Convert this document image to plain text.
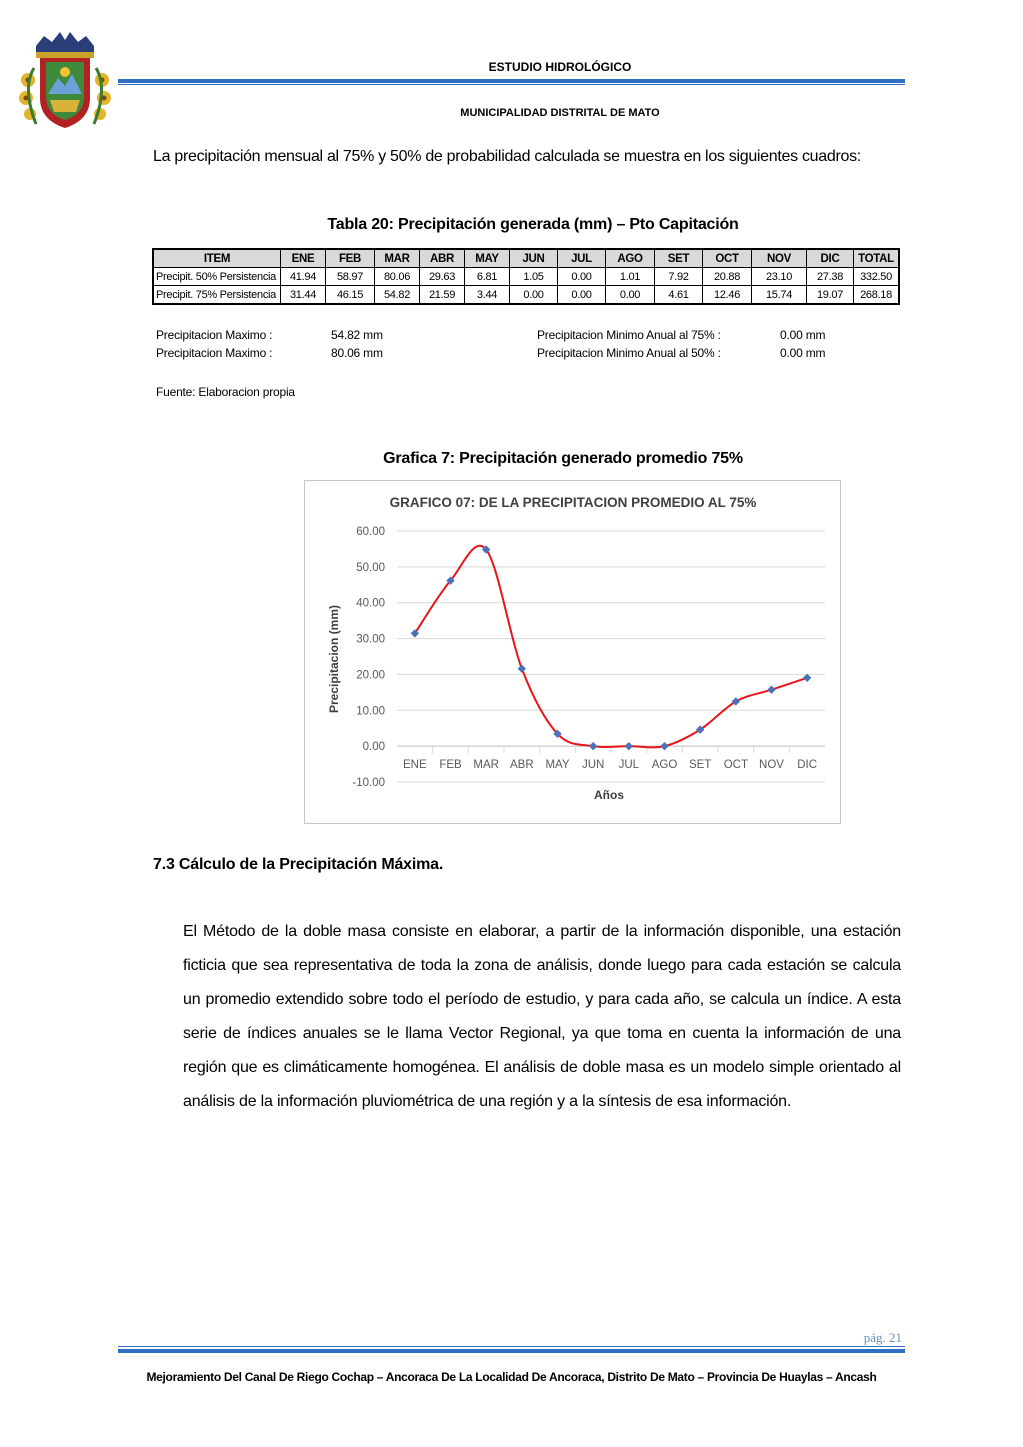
ESTUDIO HIDROLÓGICO
MUNICIPALIDAD DISTRITAL DE MATO
La precipitación mensual al 75% y 50% de probabilidad calculada se muestra en los siguientes cuadros:
Tabla 20: Precipitación generada (mm) – Pto Capitación
ITEM	ENE	FEB	MAR	ABR	MAY	JUN	JUL	AGO	SET	OCT	NOV	DIC	TOTAL
Precipit. 50% Persistencia	41.94	58.97	80.06	29.63	6.81	1.05	0.00	1.01	7.92	20.88	23.10	27.38	332.50
Precipit. 75% Persistencia	31.44	46.15	54.82	21.59	3.44	0.00	0.00	0.00	4.61	12.46	15.74	19.07	268.18
Precipitacion Maximo :	54.82 mm
Precipitacion Maximo :	80.06 mm
Precipitacion Minimo Anual al 75% :	0.00 mm
Precipitacion Minimo Anual al 50% :	0.00 mm
Fuente: Elaboracion propia
Grafica 7: Precipitación generado promedio 75%
GRAFICO 07: DE LA PRECIPITACION PROMEDIO AL 75%
-10.00
0.00
10.00
20.00
30.00
40.00
50.00
60.00
ENE FEB MAR ABR MAY JUN JUL AGO SET OCT NOV DIC
Precipitacion (mm)
Años
7.3 Cálculo de la Precipitación Máxima.
El Método de la doble masa consiste en elaborar, a partir de la información disponible, una estación ficticia que sea representativa de toda la zona de análisis, donde luego para cada estación se calcula un promedio extendido sobre todo el período de estudio, y para cada año, se calcula un índice. A esta serie de índices anuales se le llama Vector Regional, ya que toma en cuenta la información de una región que es climáticamente homogénea. El análisis de doble masa es un modelo simple orientado al análisis de la información pluviométrica de una región y a la síntesis de esa información.
pág. 21
Mejoramiento Del Canal De Riego Cochap – Ancoraca De La Localidad De Ancoraca, Distrito De Mato – Provincia De Huaylas – Ancash
